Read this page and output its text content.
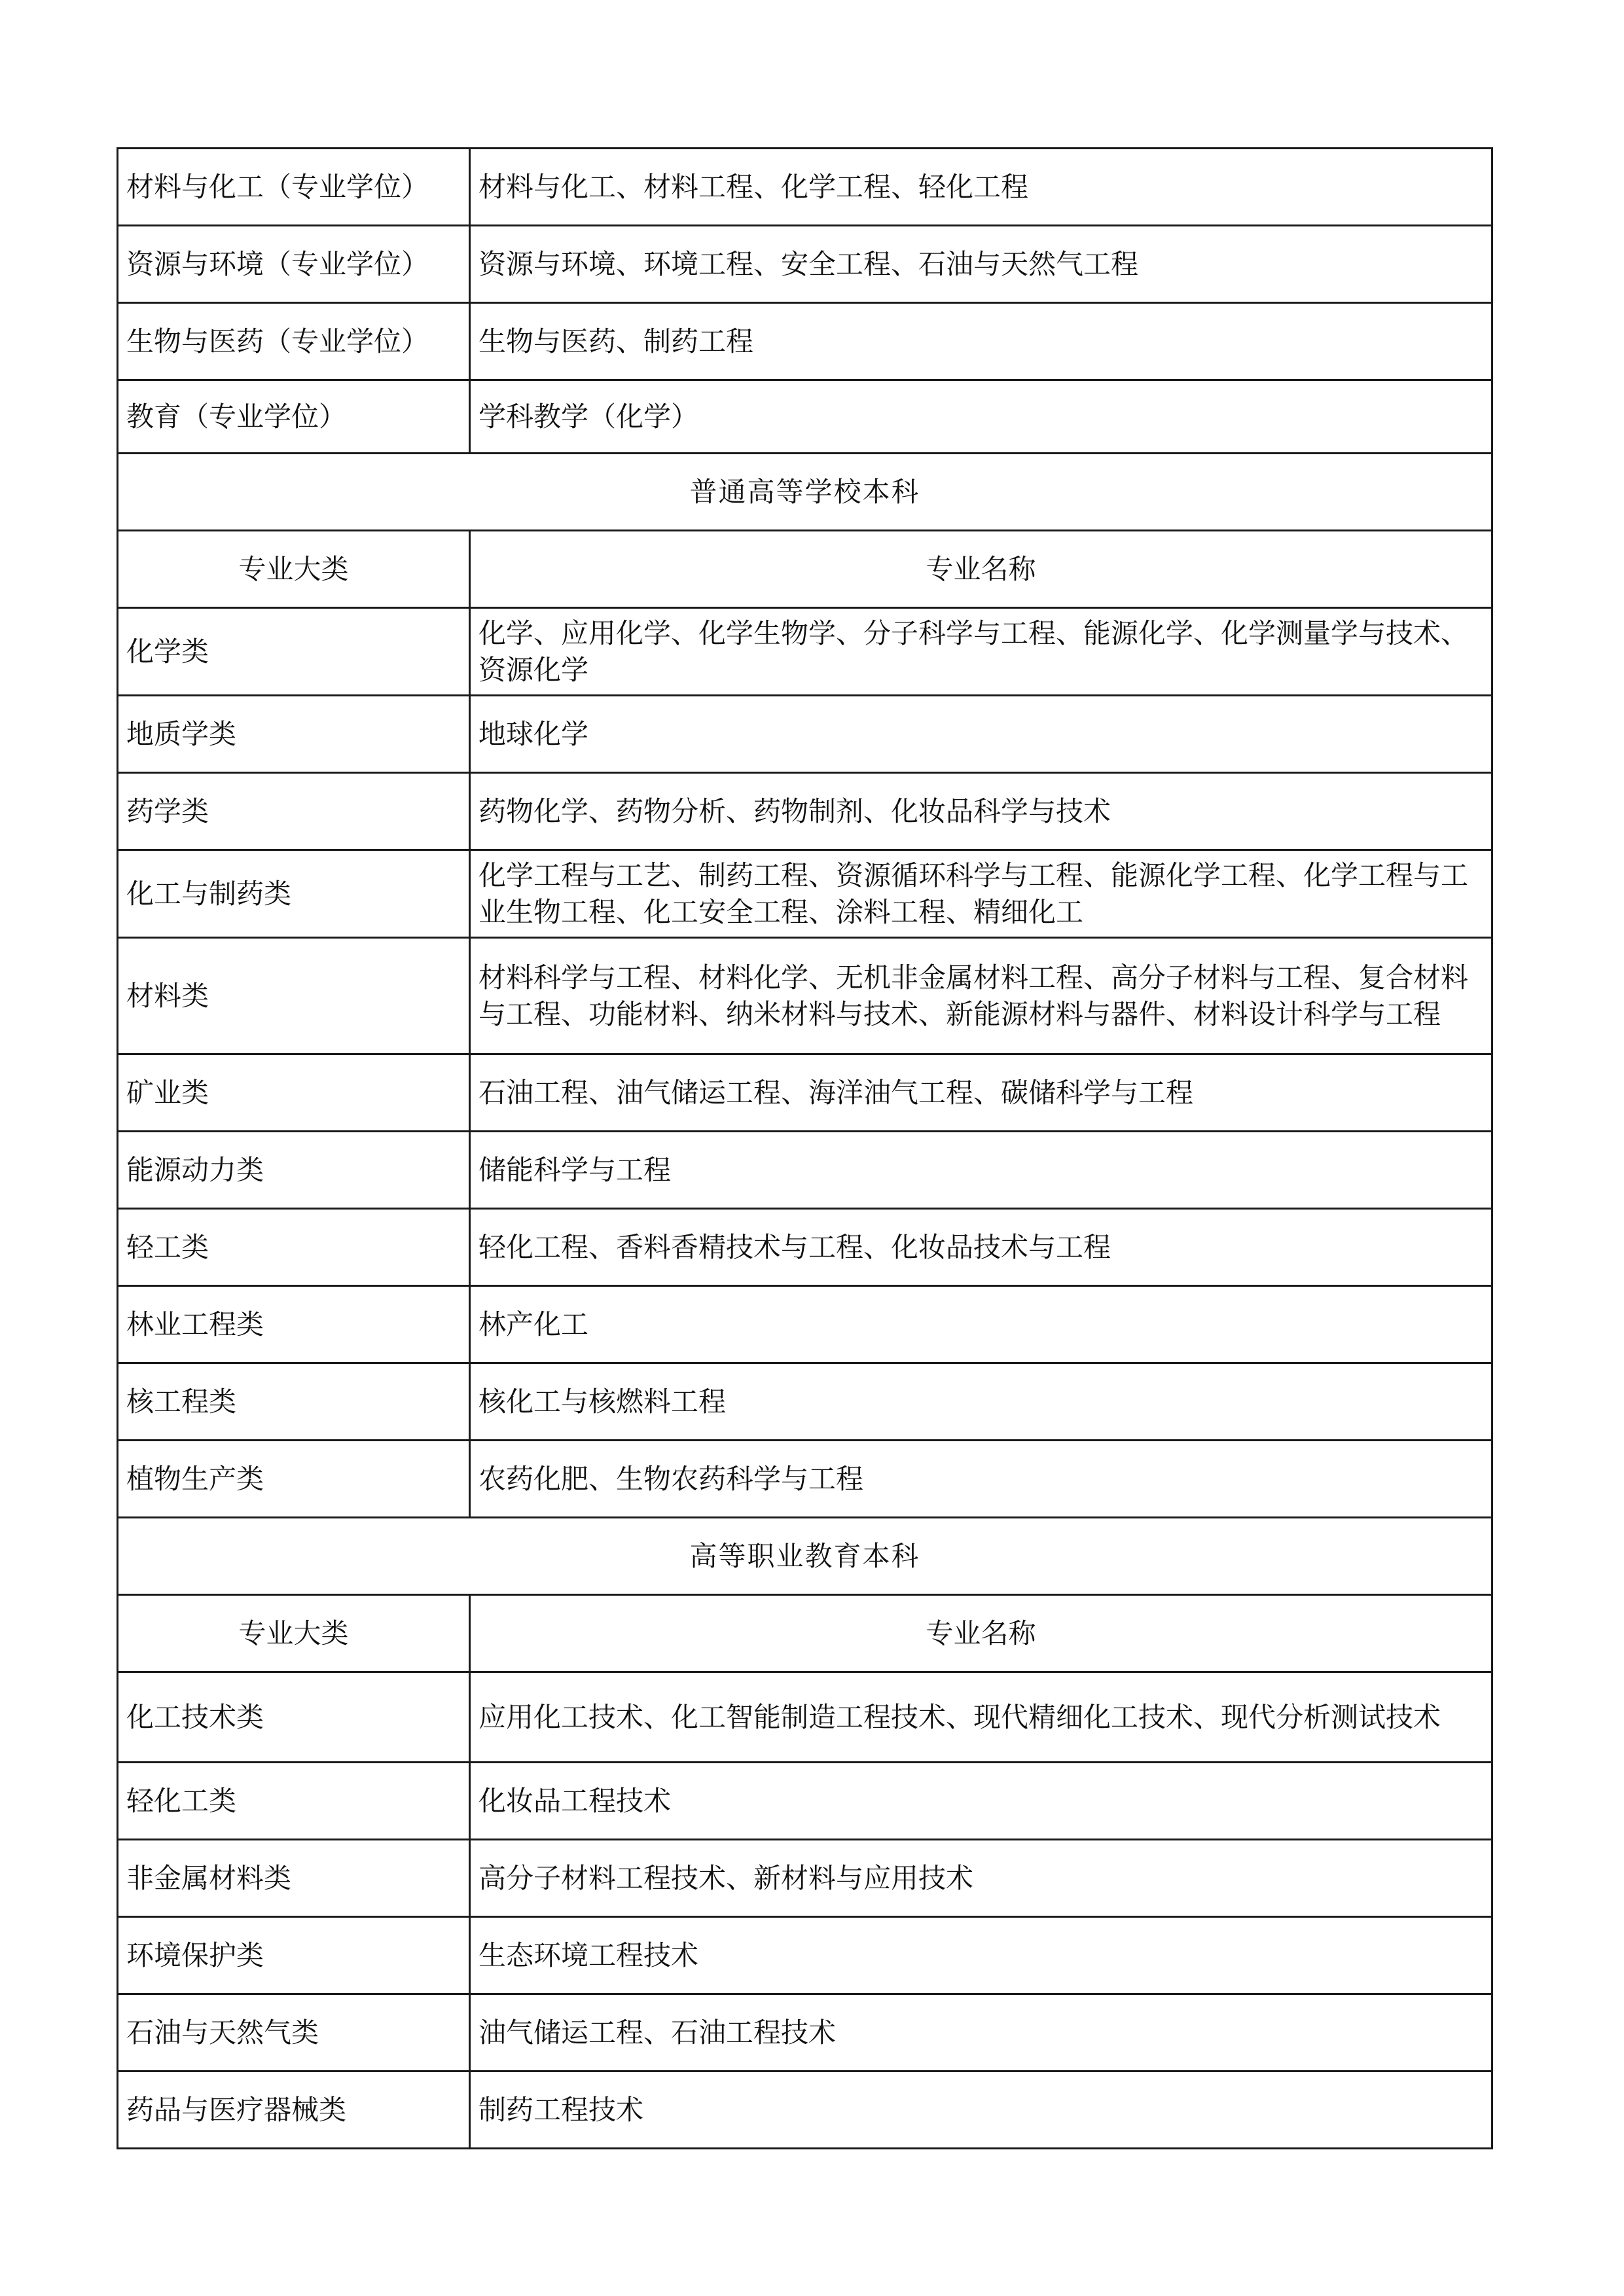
材料与化工（专业学位）	材料与化工、材料工程、化学工程、轻化工程
资源与环境（专业学位）	资源与环境、环境工程、安全工程、石油与天然气工程
生物与医药（专业学位）	生物与医药、制药工程
教育（专业学位）	学科教学（化学）
普通高等学校本科	
专业大类	专业名称
化学类	化学、应用化学、化学生物学、分子科学与工程、能源化学、化学测量学与技术、资源化学
地质学类	地球化学
药学类	药物化学、药物分析、药物制剂、化妆品科学与技术
化工与制药类	化学工程与工艺、制药工程、资源循环科学与工程、能源化学工程、化学工程与工业生物工程、化工安全工程、涂料工程、精细化工
材料类	材料科学与工程、材料化学、无机非金属材料工程、高分子材料与工程、复合材料与工程、功能材料、纳米材料与技术、新能源材料与器件、材料设计科学与工程
矿业类	石油工程、油气储运工程、海洋油气工程、碳储科学与工程
能源动力类	储能科学与工程
轻工类	轻化工程、香料香精技术与工程、化妆品技术与工程
林业工程类	林产化工
核工程类	核化工与核燃料工程
植物生产类	农药化肥、生物农药科学与工程
高等职业教育本科	
专业大类	专业名称
化工技术类	应用化工技术、化工智能制造工程技术、现代精细化工技术、现代分析测试技术
轻化工类	化妆品工程技术
非金属材料类	高分子材料工程技术、新材料与应用技术
环境保护类	生态环境工程技术
石油与天然气类	油气储运工程、石油工程技术
药品与医疗器械类	制药工程技术
